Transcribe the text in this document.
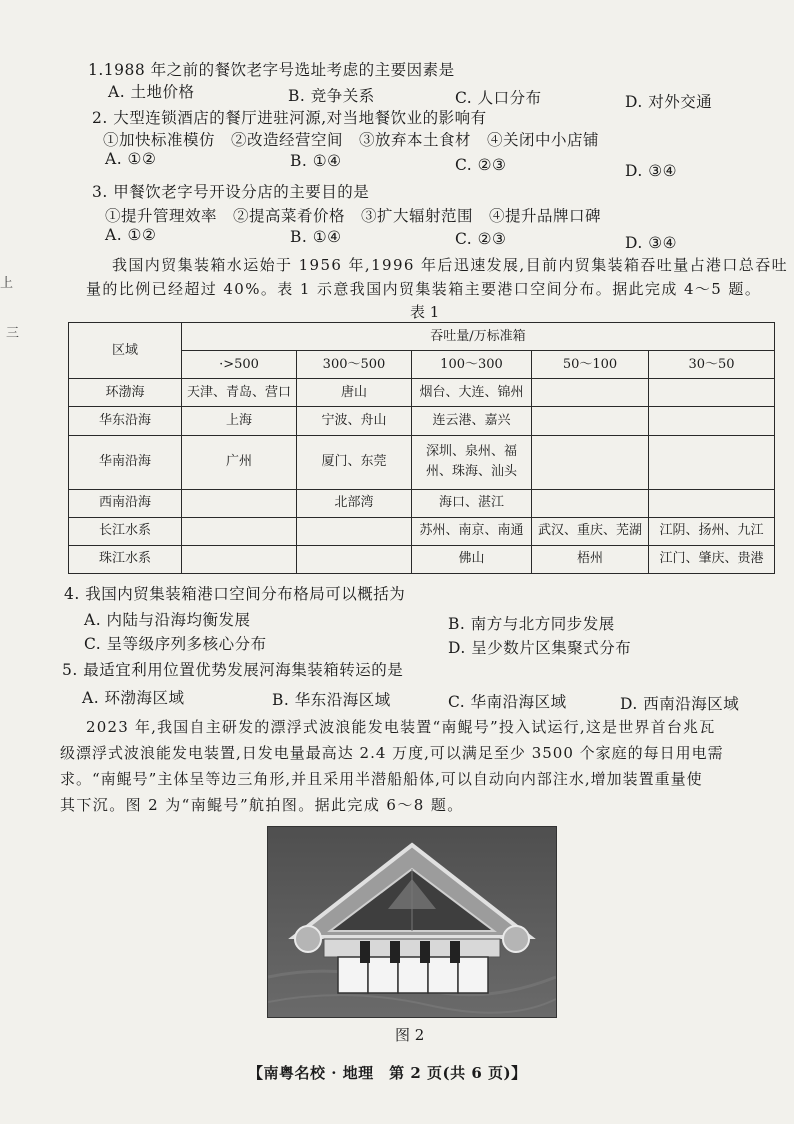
上
三
1.1988 年之前的餐饮老字号选址考虑的主要因素是
A. 土地价格	B. 竞争关系	C. 人口分布	D. 对外交通
2. 大型连锁酒店的餐厅进驻河源,对当地餐饮业的影响有
①加快标准模仿　②改造经营空间　③放弃本土食材　④关闭中小店铺
A. ①②	B. ①④	C. ②③	D. ③④
3. 甲餐饮老字号开设分店的主要目的是
①提升管理效率　②提高菜肴价格　③扩大辐射范围　④提升品牌口碑
A. ①②	B. ①④	C. ②③	D. ③④
我国内贸集装箱水运始于 1956 年,1996 年后迅速发展,目前内贸集装箱吞吐量占港口总吞吐
量的比例已经超过 40%。表 1 示意我国内贸集装箱主要港口空间分布。据此完成 4～5 题。
表 1
区域	吞吐量/万标准箱				
	·>500	300～500	100～300	50～100	30～50
环渤海	天津、青岛、营口	唐山	烟台、大连、锦州		
华东沿海	上海	宁波、舟山	连云港、嘉兴		
华南沿海	广州	厦门、东莞	深圳、泉州、福州、珠海、汕头		
西南沿海		北部湾	海口、湛江		
长江水系			苏州、南京、南通	武汉、重庆、芜湖	江阴、扬州、九江
珠江水系			佛山	梧州	江门、肇庆、贵港
4. 我国内贸集装箱港口空间分布格局可以概括为
A. 内陆与沿海均衡发展	B. 南方与北方同步发展
C. 呈等级序列多核心分布	D. 呈少数片区集聚式分布
5. 最适宜利用位置优势发展河海集装箱转运的是
A. 环渤海区域	B. 华东沿海区域	C. 华南沿海区域	D. 西南沿海区域
2023 年,我国自主研发的漂浮式波浪能发电装置“南鲲号”投入试运行,这是世界首台兆瓦
级漂浮式波浪能发电装置,日发电量最高达 2.4 万度,可以满足至少 3500 个家庭的每日用电需
求。“南鲲号”主体呈等边三角形,并且采用半潜船船体,可以自动向内部注水,增加装置重量使
其下沉。图 2 为“南鲲号”航拍图。据此完成 6～8 题。
图 2
【南粤名校 · 地理　第 2 页(共 6 页)】
